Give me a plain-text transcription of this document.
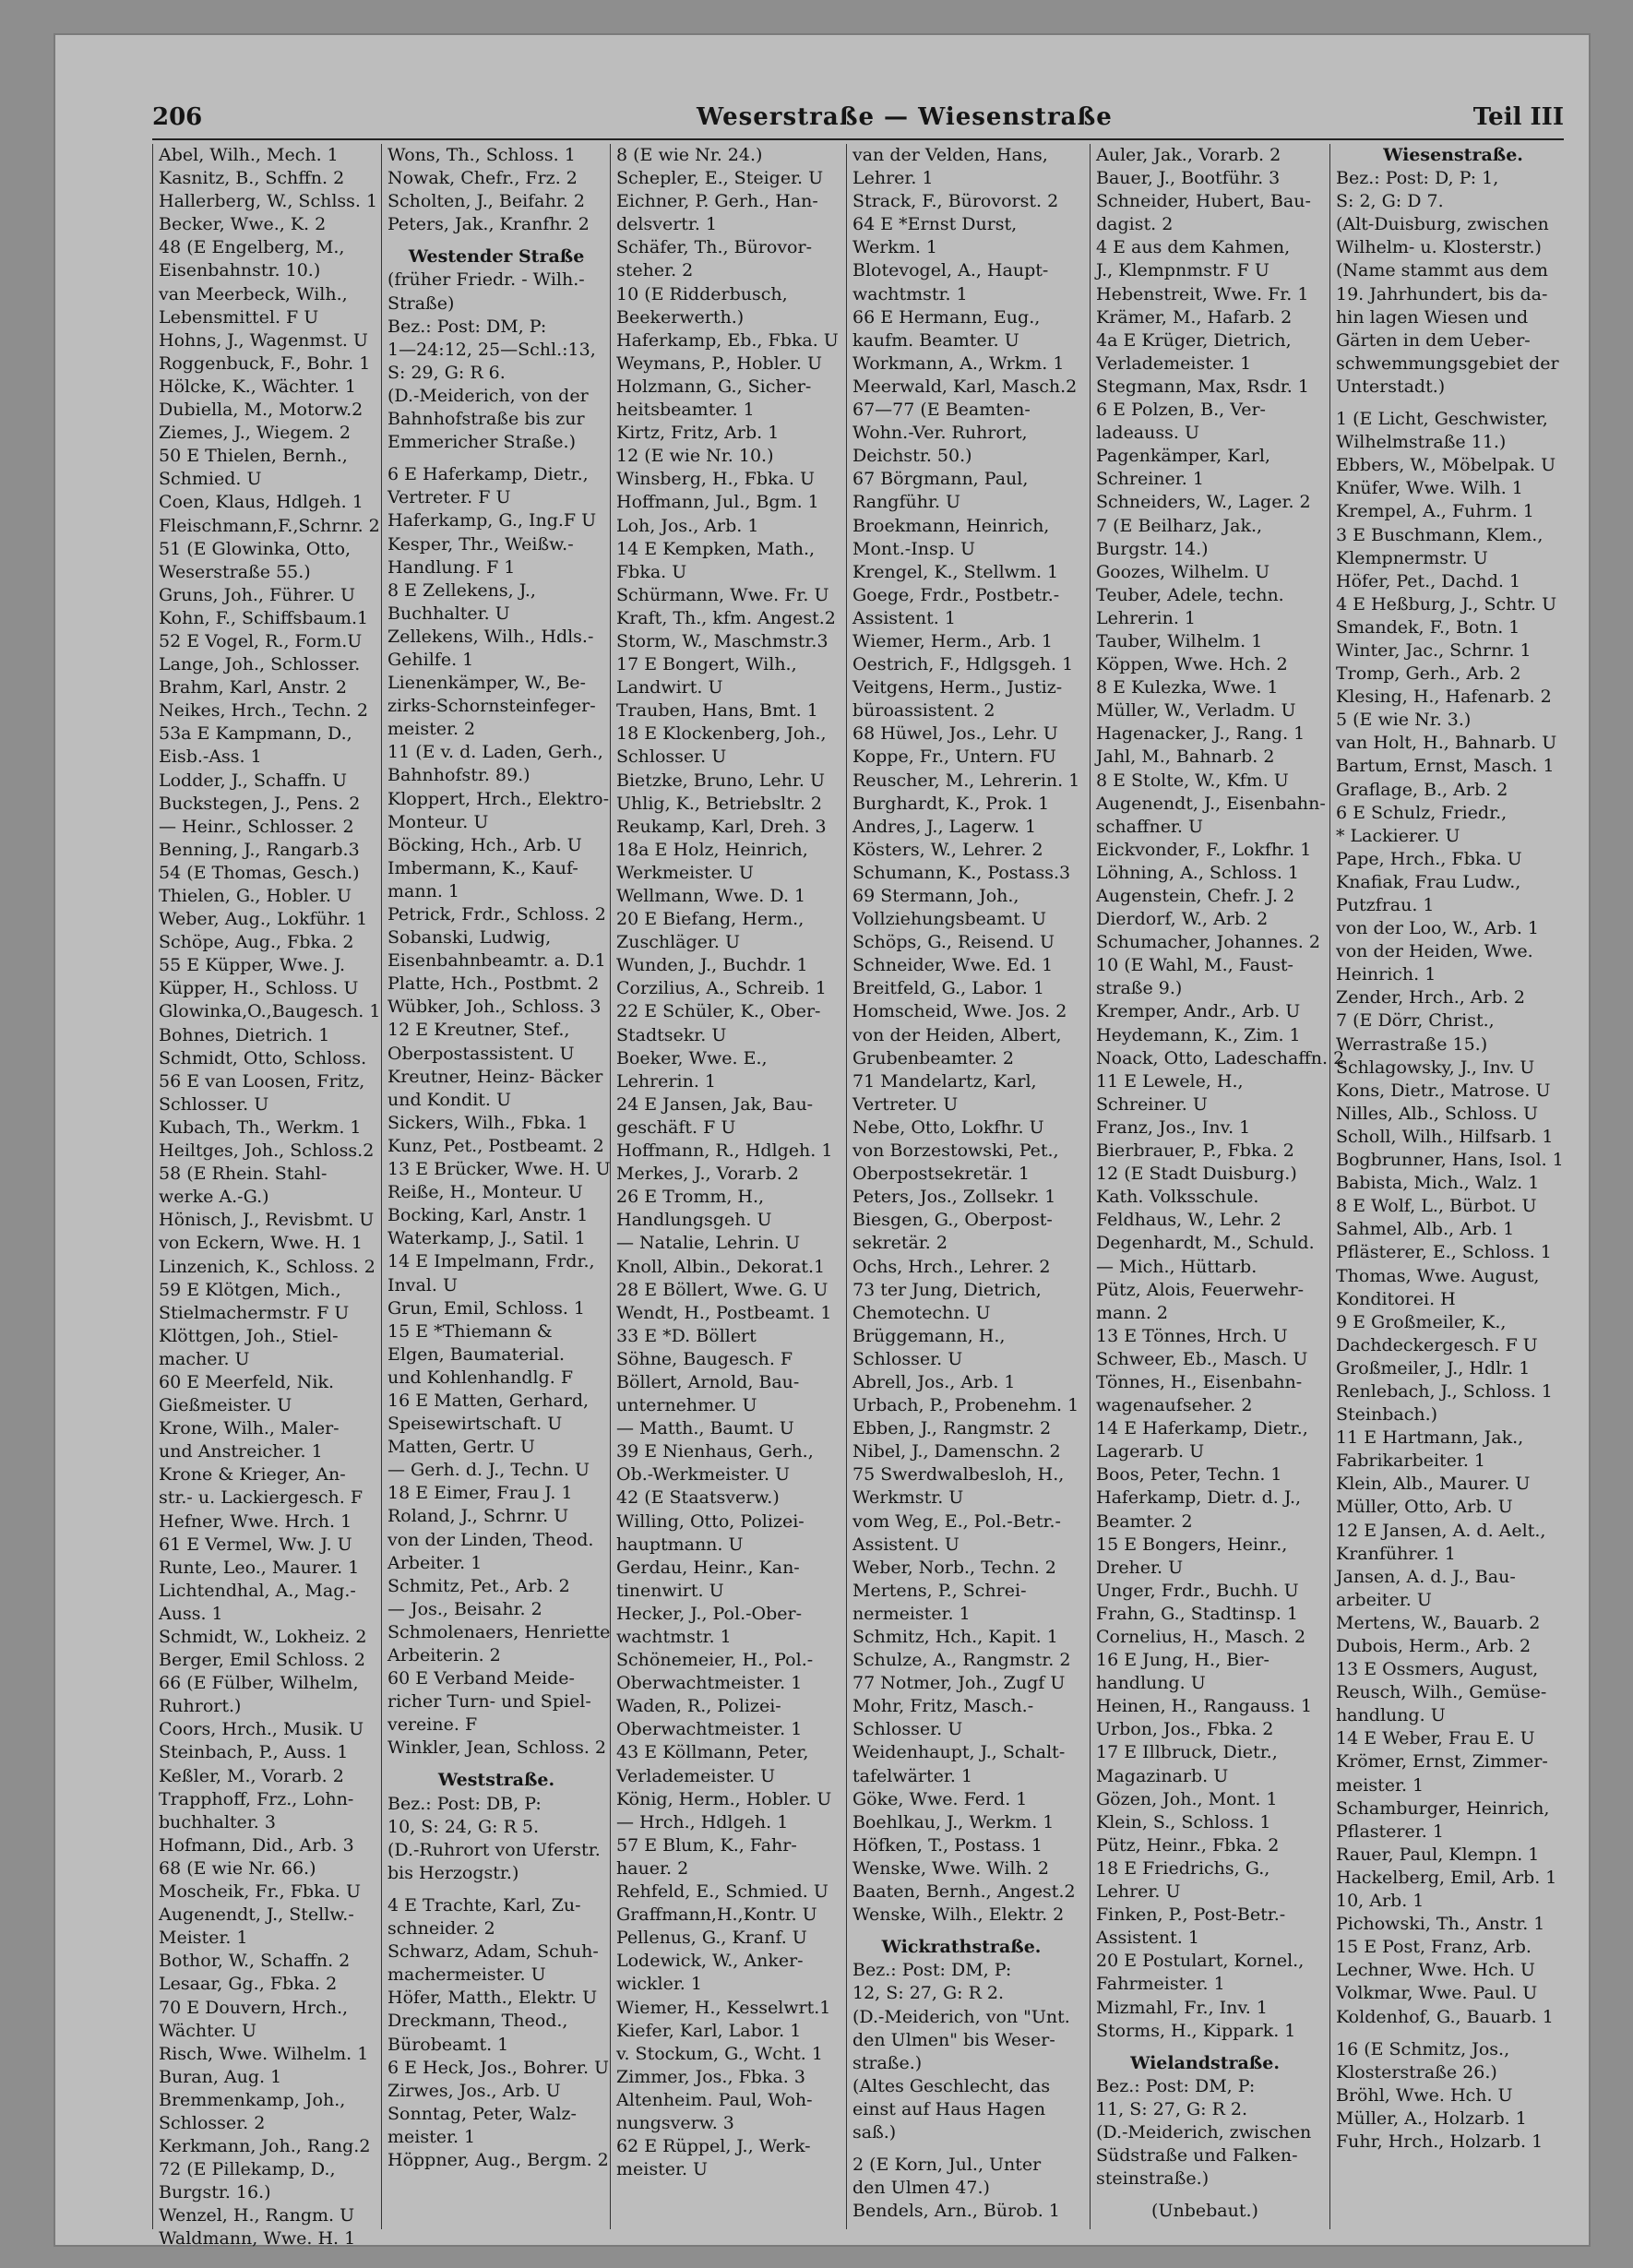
206	Weserstraße — Wiesenstraße	Teil III
Abel, Wilh., Mech. 1
Kasnitz, B., Schffn. 2
Hallerberg, W., Schlss. 1
Becker, Wwe., K. 2
48 (E Engelberg, M.,
Eisenbahnstr. 10.)
van Meerbeck, Wilh.,
Lebensmittel. F U
Hohns, J., Wagenmst. U
Roggenbuck, F., Bohr. 1
Hölcke, K., Wächter. 1
Dubiella, M., Motorw.2
Ziemes, J., Wiegem. 2
50 E Thielen, Bernh.,
Schmied. U
Coen, Klaus, Hdlgeh. 1
Fleischmann,F.,Schrnr. 2
51 (E Glowinka, Otto,
Weserstraße 55.)
Gruns, Joh., Führer. U
Kohn, F., Schiffsbaum.1
52 E Vogel, R., Form.U
Lange, Joh., Schlosser.
Brahm, Karl, Anstr. 2
Neikes, Hrch., Techn. 2
53a E Kampmann, D.,
Eisb.-Ass. 1
Lodder, J., Schaffn. U
Buckstegen, J., Pens. 2
— Heinr., Schlosser. 2
Benning, J., Rangarb.3
54 (E Thomas, Gesch.)
Thielen, G., Hobler. U
Weber, Aug., Lokführ. 1
Schöpe, Aug., Fbka. 2
55 E Küpper, Wwe. J.
Küpper, H., Schloss. U
Glowinka,O.,Baugesch. 1
Bohnes, Dietrich. 1
Schmidt, Otto, Schloss.
56 E van Loosen, Fritz,
Schlosser. U
Kubach, Th., Werkm. 1
Heiltges, Joh., Schloss.2
58 (E Rhein. Stahl-
werke A.-G.)
Hönisch, J., Revisbmt. U
von Eckern, Wwe. H. 1
Linzenich, K., Schloss. 2
59 E Klötgen, Mich.,
Stielmachermstr. F U
Klöttgen, Joh., Stiel-
macher. U
60 E Meerfeld, Nik.
Gießmeister. U
Krone, Wilh., Maler-
und Anstreicher. 1
Krone & Krieger, An-
str.- u. Lackiergesch. F
Hefner, Wwe. Hrch. 1
61 E Vermel, Ww. J. U
Runte, Leo., Maurer. 1
Lichtendhal, A., Mag.-
Auss. 1
Schmidt, W., Lokheiz. 2
Berger, Emil Schloss. 2
66 (E Fülber, Wilhelm,
Ruhrort.)
Coors, Hrch., Musik. U
Steinbach, P., Auss. 1
Keßler, M., Vorarb. 2
Trapphoff, Frz., Lohn-
buchhalter. 3
Hofmann, Did., Arb. 3
68 (E wie Nr. 66.)
Moscheik, Fr., Fbka. U
Augenendt, J., Stellw.-
Meister. 1
Bothor, W., Schaffn. 2
Lesaar, Gg., Fbka. 2
70 E Douvern, Hrch.,
Wächter. U
Risch, Wwe. Wilhelm. 1
Buran, Aug. 1
Bremmenkamp, Joh.,
Schlosser. 2
Kerkmann, Joh., Rang.2
72 (E Pillekamp, D.,
Burgstr. 16.)
Wenzel, H., Rangm. U
Waldmann, Wwe. H. 1
Wons, Th., Schloss. 1
Nowak, Chefr., Frz. 2
Scholten, J., Beifahr. 2
Peters, Jak., Kranfhr. 2
Westender Straße
(früher Friedr. - Wilh.-
Straße)
Bez.: Post: DM, P:
1—24:12, 25—Schl.:13,
S: 29, G: R 6.
(D.-Meiderich, von der
Bahnhofstraße bis zur
Emmericher Straße.)
6 E Haferkamp, Dietr.,
Vertreter. F U
Haferkamp, G., Ing.F U
Kesper, Thr., Weißw.-
Handlung. F 1
8 E Zellekens, J.,
Buchhalter. U
Zellekens, Wilh., Hdls.-
Gehilfe. 1
Lienenkämper, W., Be-
zirks-Schornsteinfeger-
meister. 2
11 (E v. d. Laden, Gerh.,
Bahnhofstr. 89.)
Kloppert, Hrch., Elektro-
Monteur. U
Böcking, Hch., Arb. U
Imbermann, K., Kauf-
mann. 1
Petrick, Frdr., Schloss. 2
Sobanski, Ludwig,
Eisenbahnbeamtr. a. D.1
Platte, Hch., Postbmt. 2
Wübker, Joh., Schloss. 3
12 E Kreutner, Stef.,
Oberpostassistent. U
Kreutner, Heinz- Bäcker
und Kondit. U
Sickers, Wilh., Fbka. 1
Kunz, Pet., Postbeamt. 2
13 E Brücker, Wwe. H. U
Reiße, H., Monteur. U
Bocking, Karl, Anstr. 1
Waterkamp, J., Satil. 1
14 E Impelmann, Frdr.,
Inval. U
Grun, Emil, Schloss. 1
15 E *Thiemann &
Elgen, Baumaterial.
und Kohlenhandlg. F
16 E Matten, Gerhard,
Speisewirtschaft. U
Matten, Gertr. U
— Gerh. d. J., Techn. U
18 E Eimer, Frau J. 1
Roland, J., Schrnr. U
von der Linden, Theod.
Arbeiter. 1
Schmitz, Pet., Arb. 2
— Jos., Beisahr. 2
Schmolenaers, Henriette
Arbeiterin. 2
60 E Verband Meide-
richer Turn- und Spiel-
vereine. F
Winkler, Jean, Schloss. 2
Weststraße.
Bez.: Post: DB, P:
10, S: 24, G: R 5.
(D.-Ruhrort von Uferstr.
bis Herzogstr.)
4 E Trachte, Karl, Zu-
schneider. 2
Schwarz, Adam, Schuh-
machermeister. U
Höfer, Matth., Elektr. U
Dreckmann, Theod.,
Bürobeamt. 1
6 E Heck, Jos., Bohrer. U
Zirwes, Jos., Arb. U
Sonntag, Peter, Walz-
meister. 1
Höppner, Aug., Bergm. 2
8 (E wie Nr. 24.)
Schepler, E., Steiger. U
Eichner, P. Gerh., Han-
delsvertr. 1
Schäfer, Th., Bürovor-
steher. 2
10 (E Ridderbusch,
Beekerwerth.)
Haferkamp, Eb., Fbka. U
Weymans, P., Hobler. U
Holzmann, G., Sicher-
heitsbeamter. 1
Kirtz, Fritz, Arb. 1
12 (E wie Nr. 10.)
Winsberg, H., Fbka. U
Hoffmann, Jul., Bgm. 1
Loh, Jos., Arb. 1
14 E Kempken, Math.,
Fbka. U
Schürmann, Wwe. Fr. U
Kraft, Th., kfm. Angest.2
Storm, W., Maschmstr.3
17 E Bongert, Wilh.,
Landwirt. U
Trauben, Hans, Bmt. 1
18 E Klockenberg, Joh.,
Schlosser. U
Bietzke, Bruno, Lehr. U
Uhlig, K., Betriebsltr. 2
Reukamp, Karl, Dreh. 3
18a E Holz, Heinrich,
Werkmeister. U
Wellmann, Wwe. D. 1
20 E Biefang, Herm.,
Zuschläger. U
Wunden, J., Buchdr. 1
Corzilius, A., Schreib. 1
22 E Schüler, K., Ober-
Stadtsekr. U
Boeker, Wwe. E.,
Lehrerin. 1
24 E Jansen, Jak, Bau-
geschäft. F U
Hoffmann, R., Hdlgeh. 1
Merkes, J., Vorarb. 2
26 E Tromm, H.,
Handlungsgeh. U
— Natalie, Lehrin. U
Knoll, Albin., Dekorat.1
28 E Böllert, Wwe. G. U
Wendt, H., Postbeamt. 1
33 E *D. Böllert
Söhne, Baugesch. F
Böllert, Arnold, Bau-
unternehmer. U
— Matth., Baumt. U
39 E Nienhaus, Gerh.,
Ob.-Werkmeister. U
42 (E Staatsverw.)
Willing, Otto, Polizei-
hauptmann. U
Gerdau, Heinr., Kan-
tinenwirt. U
Hecker, J., Pol.-Ober-
wachtmstr. 1
Schönemeier, H., Pol.-
Oberwachtmeister. 1
Waden, R., Polizei-
Oberwachtmeister. 1
43 E Köllmann, Peter,
Verlademeister. U
König, Herm., Hobler. U
— Hrch., Hdlgeh. 1
57 E Blum, K., Fahr-
hauer. 2
Rehfeld, E., Schmied. U
Graffmann,H.,Kontr. U
Pellenus, G., Kranf. U
Lodewick, W., Anker-
wickler. 1
Wiemer, H., Kesselwrt.1
Kiefer, Karl, Labor. 1
v. Stockum, G., Wcht. 1
Zimmer, Jos., Fbka. 3
Altenheim. Paul, Woh-
nungsverw. 3
62 E Rüppel, J., Werk-
meister. U
van der Velden, Hans,
Lehrer. 1
Strack, F., Bürovorst. 2
64 E *Ernst Durst,
Werkm. 1
Blotevogel, A., Haupt-
wachtmstr. 1
66 E Hermann, Eug.,
kaufm. Beamter. U
Workmann, A., Wrkm. 1
Meerwald, Karl, Masch.2
67—77 (E Beamten-
Wohn.-Ver. Ruhrort,
Deichstr. 50.)
67 Börgmann, Paul,
Rangführ. U
Broekmann, Heinrich,
Mont.-Insp. U
Krengel, K., Stellwm. 1
Goege, Frdr., Postbetr.-
Assistent. 1
Wiemer, Herm., Arb. 1
Oestrich, F., Hdlgsgeh. 1
Veitgens, Herm., Justiz-
büroassistent. 2
68 Hüwel, Jos., Lehr. U
Koppe, Fr., Untern. FU
Reuscher, M., Lehrerin. 1
Burghardt, K., Prok. 1
Andres, J., Lagerw. 1
Kösters, W., Lehrer. 2
Schumann, K., Postass.3
69 Stermann, Joh.,
Vollziehungsbeamt. U
Schöps, G., Reisend. U
Schneider, Wwe. Ed. 1
Breitfeld, G., Labor. 1
Homscheid, Wwe. Jos. 2
von der Heiden, Albert,
Grubenbeamter. 2
71 Mandelartz, Karl,
Vertreter. U
Nebe, Otto, Lokfhr. U
von Borzestowski, Pet.,
Oberpostsekretär. 1
Peters, Jos., Zollsekr. 1
Biesgen, G., Oberpost-
sekretär. 2
Ochs, Hrch., Lehrer. 2
73 ter Jung, Dietrich,
Chemotechn. U
Brüggemann, H.,
Schlosser. U
Abrell, Jos., Arb. 1
Urbach, P., Probenehm. 1
Ebben, J., Rangmstr. 2
Nibel, J., Damenschn. 2
75 Swerdwalbesloh, H.,
Werkmstr. U
vom Weg, E., Pol.-Betr.-
Assistent. U
Weber, Norb., Techn. 2
Mertens, P., Schrei-
nermeister. 1
Schmitz, Hch., Kapit. 1
Schulze, A., Rangmstr. 2
77 Notmer, Joh., Zugf U
Mohr, Fritz, Masch.-
Schlosser. U
Weidenhaupt, J., Schalt-
tafelwärter. 1
Göke, Wwe. Ferd. 1
Boehlkau, J., Werkm. 1
Höfken, T., Postass. 1
Wenske, Wwe. Wilh. 2
Baaten, Bernh., Angest.2
Wenske, Wilh., Elektr. 2
Wickrathstraße.
Bez.: Post: DM, P:
12, S: 27, G: R 2.
(D.-Meiderich, von "Unt.
den Ulmen" bis Weser-
straße.)
(Altes Geschlecht, das
einst auf Haus Hagen
saß.)
2 (E Korn, Jul., Unter
den Ulmen 47.)
Bendels, Arn., Bürob. 1
Auler, Jak., Vorarb. 2
Bauer, J., Bootführ. 3
Schneider, Hubert, Bau-
dagist. 2
4 E aus dem Kahmen,
J., Klempnmstr. F U
Hebenstreit, Wwe. Fr. 1
Krämer, M., Hafarb. 2
4a E Krüger, Dietrich,
Verlademeister. 1
Stegmann, Max, Rsdr. 1
6 E Polzen, B., Ver-
ladeauss. U
Pagenkämper, Karl,
Schreiner. 1
Schneiders, W., Lager. 2
7 (E Beilharz, Jak.,
Burgstr. 14.)
Goozes, Wilhelm. U
Teuber, Adele, techn.
Lehrerin. 1
Tauber, Wilhelm. 1
Köppen, Wwe. Hch. 2
8 E Kulezka, Wwe. 1
Müller, W., Verladm. U
Hagenacker, J., Rang. 1
Jahl, M., Bahnarb. 2
8 E Stolte, W., Kfm. U
Augenendt, J., Eisenbahn-
schaffner. U
Eickvonder, F., Lokfhr. 1
Löhning, A., Schloss. 1
Augenstein, Chefr. J. 2
Dierdorf, W., Arb. 2
Schumacher, Johannes. 2
10 (E Wahl, M., Faust-
straße 9.)
Kremper, Andr., Arb. U
Heydemann, K., Zim. 1
Noack, Otto, Ladeschaffn. 2
11 E Lewele, H.,
Schreiner. U
Franz, Jos., Inv. 1
Bierbrauer, P., Fbka. 2
12 (E Stadt Duisburg.)
Kath. Volksschule.
Feldhaus, W., Lehr. 2
Degenhardt, M., Schuld.
— Mich., Hüttarb.
Pütz, Alois, Feuerwehr-
mann. 2
13 E Tönnes, Hrch. U
Schweer, Eb., Masch. U
Tönnes, H., Eisenbahn-
wagenaufseher. 2
14 E Haferkamp, Dietr.,
Lagerarb. U
Boos, Peter, Techn. 1
Haferkamp, Dietr. d. J.,
Beamter. 2
15 E Bongers, Heinr.,
Dreher. U
Unger, Frdr., Buchh. U
Frahn, G., Stadtinsp. 1
Cornelius, H., Masch. 2
16 E Jung, H., Bier-
handlung. U
Heinen, H., Rangauss. 1
Urbon, Jos., Fbka. 2
17 E Illbruck, Dietr.,
Magazinarb. U
Gözen, Joh., Mont. 1
Klein, S., Schloss. 1
Pütz, Heinr., Fbka. 2
18 E Friedrichs, G.,
Lehrer. U
Finken, P., Post-Betr.-
Assistent. 1
20 E Postulart, Kornel.,
Fahrmeister. 1
Mizmahl, Fr., Inv. 1
Storms, H., Kippark. 1
Wielandstraße.
Bez.: Post: DM, P:
11, S: 27, G: R 2.
(D.-Meiderich, zwischen
Südstraße und Falken-
steinstraße.)
(Unbebaut.)
Wiesenstraße.
Bez.: Post: D, P: 1,
S: 2, G: D 7.
(Alt-Duisburg, zwischen
Wilhelm- u. Klosterstr.)
(Name stammt aus dem
19. Jahrhundert, bis da-
hin lagen Wiesen und
Gärten in dem Ueber-
schwemmungsgebiet der
Unterstadt.)
1 (E Licht, Geschwister,
Wilhelmstraße 11.)
Ebbers, W., Möbelpak. U
Knüfer, Wwe. Wilh. 1
Krempel, A., Fuhrm. 1
3 E Buschmann, Klem.,
Klempnermstr. U
Höfer, Pet., Dachd. 1
4 E Heßburg, J., Schtr. U
Smandek, F., Botn. 1
Winter, Jac., Schrnr. 1
Tromp, Gerh., Arb. 2
Klesing, H., Hafenarb. 2
5 (E wie Nr. 3.)
van Holt, H., Bahnarb. U
Bartum, Ernst, Masch. 1
Graflage, B., Arb. 2
6 E Schulz, Friedr.,
* Lackierer. U
Pape, Hrch., Fbka. U
Knafiak, Frau Ludw.,
Putzfrau. 1
von der Loo, W., Arb. 1
von der Heiden, Wwe.
Heinrich. 1
Zender, Hrch., Arb. 2
7 (E Dörr, Christ.,
Werrastraße 15.)
Schlagowsky, J., Inv. U
Kons, Dietr., Matrose. U
Nilles, Alb., Schloss. U
Scholl, Wilh., Hilfsarb. 1
Bogbrunner, Hans, Isol. 1
Babista, Mich., Walz. 1
8 E Wolf, L., Bürbot. U
Sahmel, Alb., Arb. 1
Pflästerer, E., Schloss. 1
Thomas, Wwe. August,
Konditorei. H
9 E Großmeiler, K.,
Dachdeckergesch. F U
Großmeiler, J., Hdlr. 1
Renlebach, J., Schloss. 1
Steinbach.)
11 E Hartmann, Jak.,
Fabrikarbeiter. 1
Klein, Alb., Maurer. U
Müller, Otto, Arb. U
12 E Jansen, A. d. Aelt.,
Kranführer. 1
Jansen, A. d. J., Bau-
arbeiter. U
Mertens, W., Bauarb. 2
Dubois, Herm., Arb. 2
13 E Ossmers, August,
Reusch, Wilh., Gemüse-
handlung. U
14 E Weber, Frau E. U
Krömer, Ernst, Zimmer-
meister. 1
Schamburger, Heinrich,
Pflasterer. 1
Rauer, Paul, Klempn. 1
Hackelberg, Emil, Arb. 1
10, Arb. 1
Pichowski, Th., Anstr. 1
15 E Post, Franz, Arb.
Lechner, Wwe. Hch. U
Volkmar, Wwe. Paul. U
Koldenhof, G., Bauarb. 1
16 (E Schmitz, Jos.,
Klosterstraße 26.)
Bröhl, Wwe. Hch. U
Müller, A., Holzarb. 1
Fuhr, Hrch., Holzarb. 1
